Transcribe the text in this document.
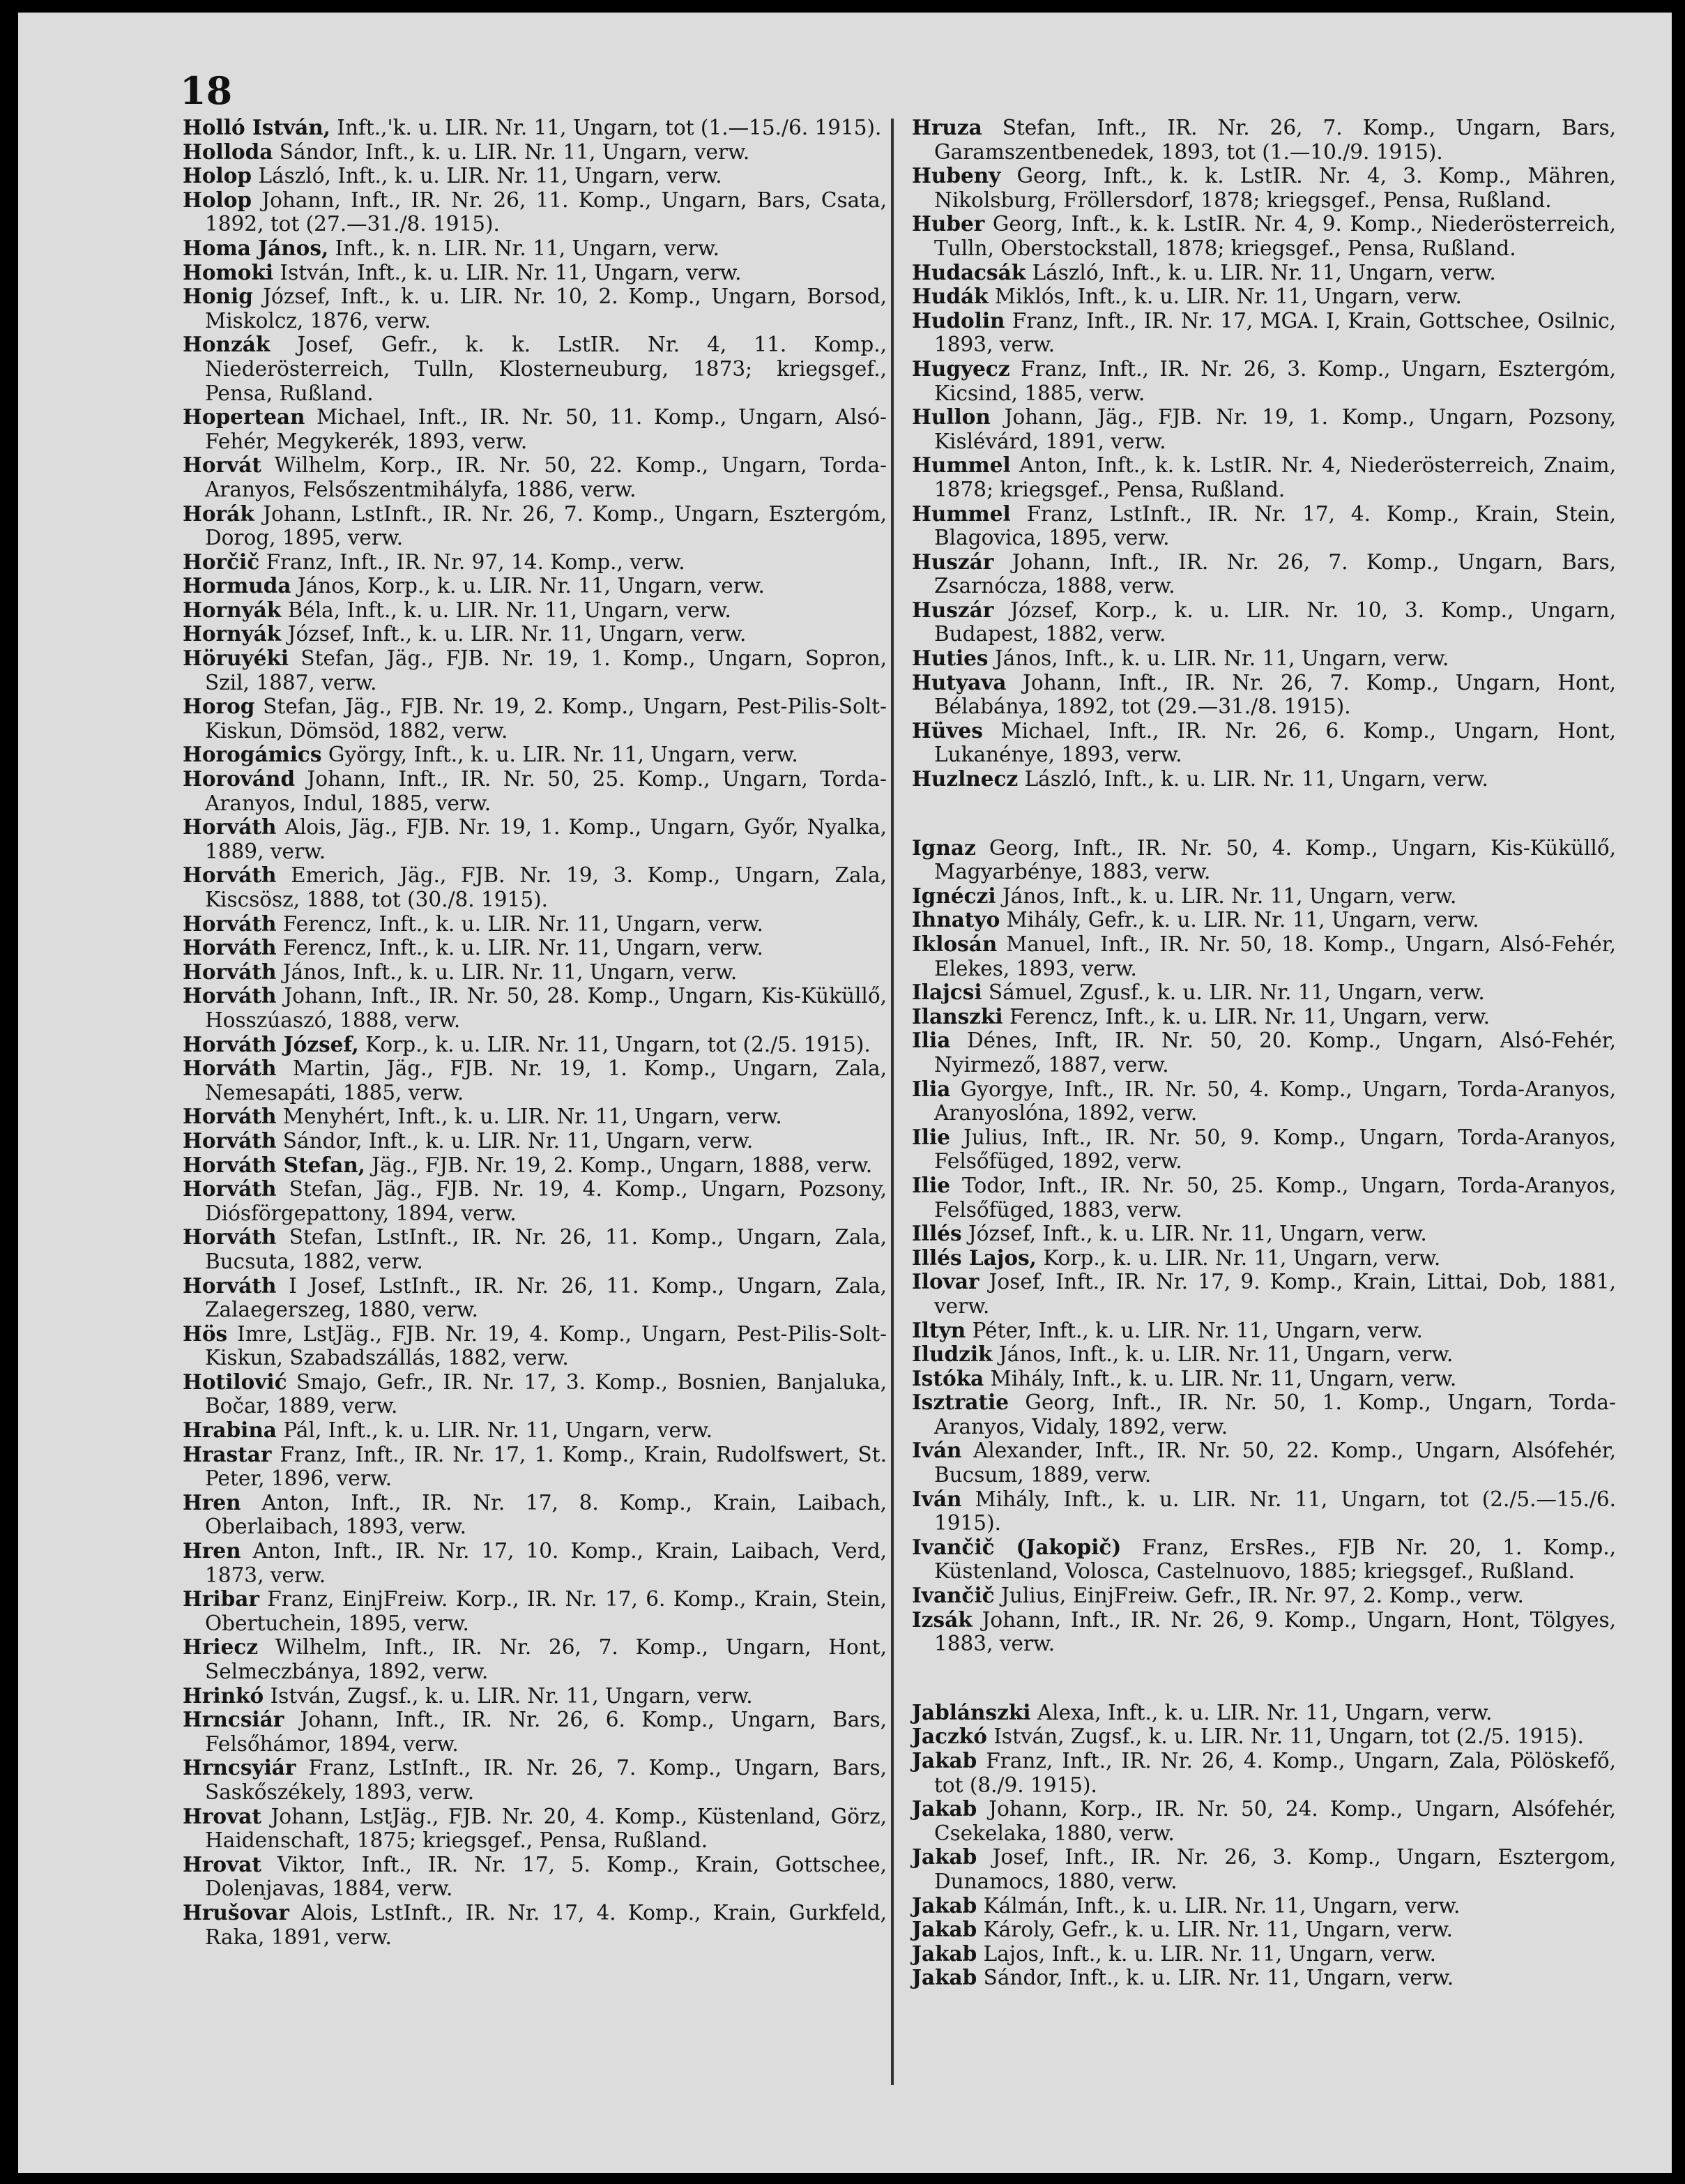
18
Holló István, Inft.,'k. u. LIR. Nr. 11, Ungarn, tot (1.—15./6. 1915).
Holloda Sándor, Inft., k. u. LIR. Nr. 11, Ungarn, verw.
Holop László, Inft., k. u. LIR. Nr. 11, Ungarn, verw.
Holop Johann, Inft., IR. Nr. 26, 11. Komp., Ungarn, Bars, Csata, 1892, tot (27.—31./8. 1915).
Homa János, Inft., k. n. LIR. Nr. 11, Ungarn, verw.
Homoki István, Inft., k. u. LIR. Nr. 11, Ungarn, verw.
Honig József, Inft., k. u. LIR. Nr. 10, 2. Komp., Ungarn, Borsod, Miskolcz, 1876, verw.
Honzák Josef, Gefr., k. k. LstIR. Nr. 4, 11. Komp., Niederösterreich, Tulln, Klosterneuburg, 1873; kriegsgef., Pensa, Rußland.
Hopertean Michael, Inft., IR. Nr. 50, 11. Komp., Ungarn, Alsó-Fehér, Megykerék, 1893, verw.
Horvát Wilhelm, Korp., IR. Nr. 50, 22. Komp., Ungarn, Torda-Aranyos, Felsőszentmihályfa, 1886, verw.
Horák Johann, LstInft., IR. Nr. 26, 7. Komp., Ungarn, Esztergóm, Dorog, 1895, verw.
Horčič Franz, Inft., IR. Nr. 97, 14. Komp., verw.
Hormuda János, Korp., k. u. LIR. Nr. 11, Ungarn, verw.
Hornyák Béla, Inft., k. u. LIR. Nr. 11, Ungarn, verw.
Hornyák József, Inft., k. u. LIR. Nr. 11, Ungarn, verw.
Höruyéki Stefan, Jäg., FJB. Nr. 19, 1. Komp., Ungarn, Sopron, Szil, 1887, verw.
Horog Stefan, Jäg., FJB. Nr. 19, 2. Komp., Ungarn, Pest-Pilis-Solt-Kiskun, Dömsöd, 1882, verw.
Horogámics György, Inft., k. u. LIR. Nr. 11, Ungarn, verw.
Horovánd Johann, Inft., IR. Nr. 50, 25. Komp., Ungarn, Torda-Aranyos, Indul, 1885, verw.
Horváth Alois, Jäg., FJB. Nr. 19, 1. Komp., Ungarn, Győr, Nyalka, 1889, verw.
Horváth Emerich, Jäg., FJB. Nr. 19, 3. Komp., Ungarn, Zala, Kiscsösz, 1888, tot (30./8. 1915).
Horváth Ferencz, Inft., k. u. LIR. Nr. 11, Ungarn, verw.
Horváth Ferencz, Inft., k. u. LIR. Nr. 11, Ungarn, verw.
Horváth János, Inft., k. u. LIR. Nr. 11, Ungarn, verw.
Horváth Johann, Inft., IR. Nr. 50, 28. Komp., Ungarn, Kis-Küküllő, Hosszúaszó, 1888, verw.
Horváth József, Korp., k. u. LIR. Nr. 11, Ungarn, tot (2./5. 1915).
Horváth Martin, Jäg., FJB. Nr. 19, 1. Komp., Ungarn, Zala, Nemesapáti, 1885, verw.
Horváth Menyhért, Inft., k. u. LIR. Nr. 11, Ungarn, verw.
Horváth Sándor, Inft., k. u. LIR. Nr. 11, Ungarn, verw.
Horváth Stefan, Jäg., FJB. Nr. 19, 2. Komp., Ungarn, 1888, verw.
Horváth Stefan, Jäg., FJB. Nr. 19, 4. Komp., Ungarn, Pozsony, Diósförgepattony, 1894, verw.
Horváth Stefan, LstInft., IR. Nr. 26, 11. Komp., Ungarn, Zala, Bucsuta, 1882, verw.
Horváth I Josef, LstInft., IR. Nr. 26, 11. Komp., Ungarn, Zala, Zalaegerszeg, 1880, verw.
Hös Imre, LstJäg., FJB. Nr. 19, 4. Komp., Ungarn, Pest-Pilis-Solt-Kiskun, Szabadszállás, 1882, verw.
Hotilović Smajo, Gefr., IR. Nr. 17, 3. Komp., Bosnien, Banjaluka, Bočar, 1889, verw.
Hrabina Pál, Inft., k. u. LIR. Nr. 11, Ungarn, verw.
Hrastar Franz, Inft., IR. Nr. 17, 1. Komp., Krain, Rudolfswert, St. Peter, 1896, verw.
Hren Anton, Inft., IR. Nr. 17, 8. Komp., Krain, Laibach, Oberlaibach, 1893, verw.
Hren Anton, Inft., IR. Nr. 17, 10. Komp., Krain, Laibach, Verd, 1873, verw.
Hribar Franz, EinjFreiw. Korp., IR. Nr. 17, 6. Komp., Krain, Stein, Obertuchein, 1895, verw.
Hriecz Wilhelm, Inft., IR. Nr. 26, 7. Komp., Ungarn, Hont, Selmeczbánya, 1892, verw.
Hrinkó István, Zugsf., k. u. LIR. Nr. 11, Ungarn, verw.
Hrncsiár Johann, Inft., IR. Nr. 26, 6. Komp., Ungarn, Bars, Felsőhámor, 1894, verw.
Hrncsyiár Franz, LstInft., IR. Nr. 26, 7. Komp., Ungarn, Bars, Saskőszékely, 1893, verw.
Hrovat Johann, LstJäg., FJB. Nr. 20, 4. Komp., Küstenland, Görz, Haidenschaft, 1875; kriegsgef., Pensa, Rußland.
Hrovat Viktor, Inft., IR. Nr. 17, 5. Komp., Krain, Gottschee, Dolenjavas, 1884, verw.
Hrušovar Alois, LstInft., IR. Nr. 17, 4. Komp., Krain, Gurkfeld, Raka, 1891, verw.
Hruza Stefan, Inft., IR. Nr. 26, 7. Komp., Ungarn, Bars, Garamszentbenedek, 1893, tot (1.—10./9. 1915).
Hubeny Georg, Inft., k. k. LstIR. Nr. 4, 3. Komp., Mähren, Nikolsburg, Fröllersdorf, 1878; kriegsgef., Pensa, Rußland.
Huber Georg, Inft., k. k. LstIR. Nr. 4, 9. Komp., Niederösterreich, Tulln, Oberstockstall, 1878; kriegsgef., Pensa, Rußland.
Hudacsák László, Inft., k. u. LIR. Nr. 11, Ungarn, verw.
Hudák Miklós, Inft., k. u. LIR. Nr. 11, Ungarn, verw.
Hudolin Franz, Inft., IR. Nr. 17, MGA. I, Krain, Gottschee, Osilnic, 1893, verw.
Hugyecz Franz, Inft., IR. Nr. 26, 3. Komp., Ungarn, Esztergóm, Kicsind, 1885, verw.
Hullon Johann, Jäg., FJB. Nr. 19, 1. Komp., Ungarn, Pozsony, Kislévárd, 1891, verw.
Hummel Anton, Inft., k. k. LstIR. Nr. 4, Niederösterreich, Znaim, 1878; kriegsgef., Pensa, Rußland.
Hummel Franz, LstInft., IR. Nr. 17, 4. Komp., Krain, Stein, Blagovica, 1895, verw.
Huszár Johann, Inft., IR. Nr. 26, 7. Komp., Ungarn, Bars, Zsarnócza, 1888, verw.
Huszár József, Korp., k. u. LIR. Nr. 10, 3. Komp., Ungarn, Budapest, 1882, verw.
Huties János, Inft., k. u. LIR. Nr. 11, Ungarn, verw.
Hutyava Johann, Inft., IR. Nr. 26, 7. Komp., Ungarn, Hont, Bélabánya, 1892, tot (29.—31./8. 1915).
Hüves Michael, Inft., IR. Nr. 26, 6. Komp., Ungarn, Hont, Lukanénye, 1893, verw.
Huzlnecz László, Inft., k. u. LIR. Nr. 11, Ungarn, verw.
Ignaz Georg, Inft., IR. Nr. 50, 4. Komp., Ungarn, Kis-Küküllő, Magyarbénye, 1883, verw.
Ignéczi János, Inft., k. u. LIR. Nr. 11, Ungarn, verw.
Ihnatyo Mihály, Gefr., k. u. LIR. Nr. 11, Ungarn, verw.
Iklosán Manuel, Inft., IR. Nr. 50, 18. Komp., Ungarn, Alsó-Fehér, Elekes, 1893, verw.
Ilajcsi Sámuel, Zgusf., k. u. LIR. Nr. 11, Ungarn, verw.
Ilanszki Ferencz, Inft., k. u. LIR. Nr. 11, Ungarn, verw.
Ilia Dénes, Inft, IR. Nr. 50, 20. Komp., Ungarn, Alsó-Fehér, Nyirmező, 1887, verw.
Ilia Gyorgye, Inft., IR. Nr. 50, 4. Komp., Ungarn, Torda-Aranyos, Aranyoslóna, 1892, verw.
Ilie Julius, Inft., IR. Nr. 50, 9. Komp., Ungarn, Torda-Aranyos, Felsőfüged, 1892, verw.
Ilie Todor, Inft., IR. Nr. 50, 25. Komp., Ungarn, Torda-Aranyos, Felsőfüged, 1883, verw.
Illés József, Inft., k. u. LIR. Nr. 11, Ungarn, verw.
Illés Lajos, Korp., k. u. LIR. Nr. 11, Ungarn, verw.
Ilovar Josef, Inft., IR. Nr. 17, 9. Komp., Krain, Littai, Dob, 1881, verw.
Iltyn Péter, Inft., k. u. LIR. Nr. 11, Ungarn, verw.
Iludzik János, Inft., k. u. LIR. Nr. 11, Ungarn, verw.
Istóka Mihály, Inft., k. u. LIR. Nr. 11, Ungarn, verw.
Isztratie Georg, Inft., IR. Nr. 50, 1. Komp., Ungarn, Torda-Aranyos, Vidaly, 1892, verw.
Iván Alexander, Inft., IR. Nr. 50, 22. Komp., Ungarn, Alsófehér, Bucsum, 1889, verw.
Iván Mihály, Inft., k. u. LIR. Nr. 11, Ungarn, tot (2./5.—15./6. 1915).
Ivančič (Jakopič) Franz, ErsRes., FJB Nr. 20, 1. Komp., Küstenland, Volosca, Castelnuovo, 1885; kriegsgef., Rußland.
Ivančič Julius, EinjFreiw. Gefr., IR. Nr. 97, 2. Komp., verw.
Izsák Johann, Inft., IR. Nr. 26, 9. Komp., Ungarn, Hont, Tölgyes, 1883, verw.
Jablánszki Alexa, Inft., k. u. LIR. Nr. 11, Ungarn, verw.
Jaczkó István, Zugsf., k. u. LIR. Nr. 11, Ungarn, tot (2./5. 1915).
Jakab Franz, Inft., IR. Nr. 26, 4. Komp., Ungarn, Zala, Pölöskefő, tot (8./9. 1915).
Jakab Johann, Korp., IR. Nr. 50, 24. Komp., Ungarn, Alsófehér, Csekelaka, 1880, verw.
Jakab Josef, Inft., IR. Nr. 26, 3. Komp., Ungarn, Esztergom, Dunamocs, 1880, verw.
Jakab Kálmán, Inft., k. u. LIR. Nr. 11, Ungarn, verw.
Jakab Károly, Gefr., k. u. LIR. Nr. 11, Ungarn, verw.
Jakab Lajos, Inft., k. u. LIR. Nr. 11, Ungarn, verw.
Jakab Sándor, Inft., k. u. LIR. Nr. 11, Ungarn, verw.
